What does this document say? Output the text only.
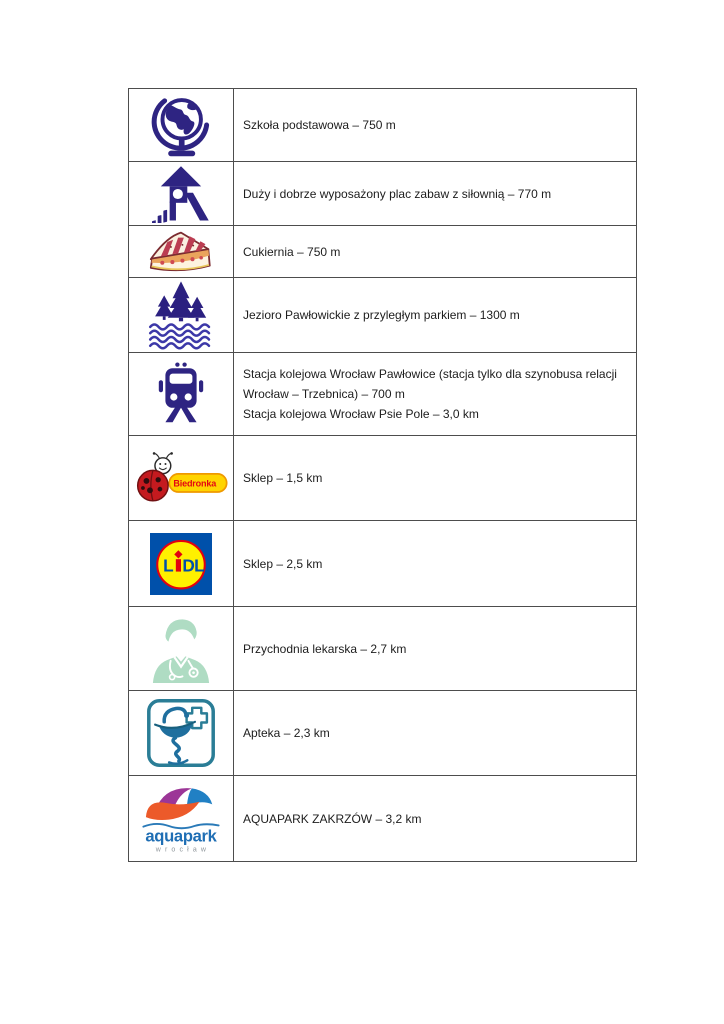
Szkoła podstawowa – 750 m
Duży i dobrze wyposażony plac zabaw z siłownią – 770 m
Cukiernia – 750 m
Jezioro Pawłowickie z przyległym parkiem – 1300 m
Stacja kolejowa Wrocław Pawłowice (stacja tylko dla szynobusa relacji Wrocław – Trzebnica) – 700 m
Stacja kolejowa Wrocław Psie Pole – 3,0 km
Biedronka Sklep – 1,5 km
L DL	Sklep – 2,5 km
Przychodnia lekarska – 2,7 km
Apteka – 2,3 km
aquapark
wrocław
AQUAPARK ZAKRZÓW – 3,2 km
